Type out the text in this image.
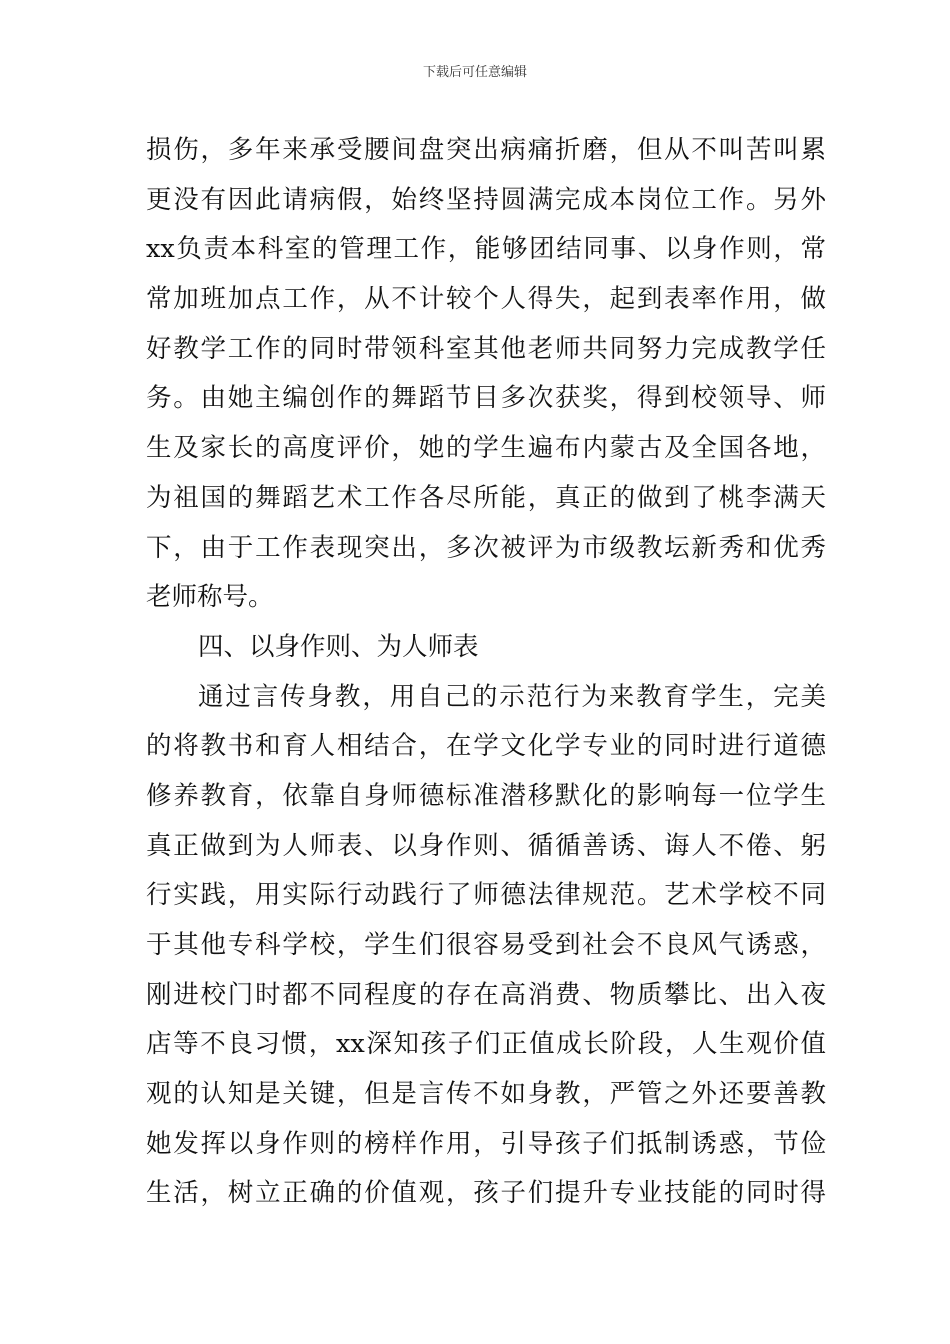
下载后可任意编辑
损伤，多年来承受腰间盘突出病痛折磨，但从不叫苦叫累
更没有因此请病假，始终坚持圆满完成本岗位工作。另外
xx负责本科室的管理工作，能够团结同事、以身作则，常
常加班加点工作，从不计较个人得失，起到表率作用，做
好教学工作的同时带领科室其他老师共同努力完成教学任
务。由她主编创作的舞蹈节目多次获奖，得到校领导、师
生及家长的高度评价，她的学生遍布内蒙古及全国各地，
为祖国的舞蹈艺术工作各尽所能，真正的做到了桃李满天
下，由于工作表现突出，多次被评为市级教坛新秀和优秀
老师称号。
四、以身作则、为人师表
通过言传身教，用自己的示范行为来教育学生，完美
的将教书和育人相结合，在学文化学专业的同时进行道德
修养教育，依靠自身师德标准潜移默化的影响每一位学生
真正做到为人师表、以身作则、循循善诱、诲人不倦、躬
行实践，用实际行动践行了师德法律规范。艺术学校不同
于其他专科学校，学生们很容易受到社会不良风气诱惑，
刚进校门时都不同程度的存在高消费、物质攀比、出入夜
店等不良习惯，xx深知孩子们正值成长阶段，人生观价值
观的认知是关键，但是言传不如身教，严管之外还要善教
她发挥以身作则的榜样作用，引导孩子们抵制诱惑，节俭
生活，树立正确的价值观，孩子们提升专业技能的同时得
